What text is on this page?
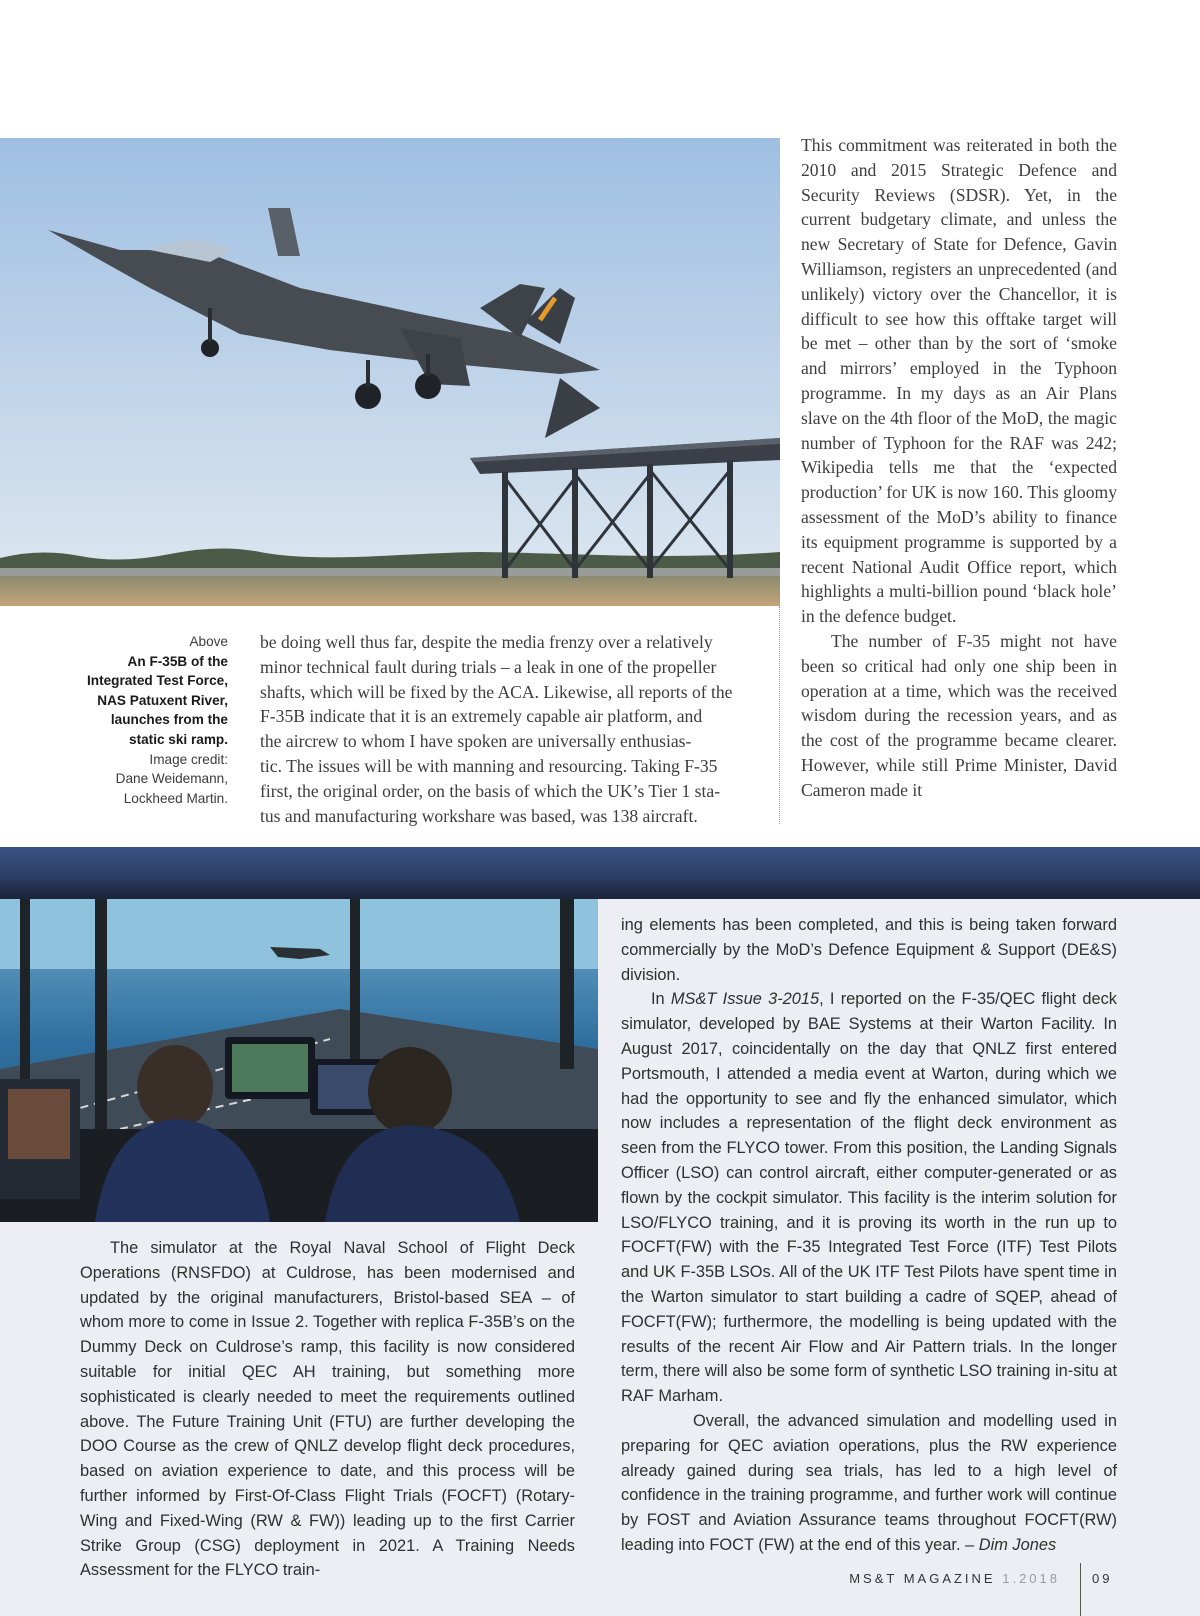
Above

An F-35B of the

Integrated Test Force,

NAS Patuxent River,

launches from the

static ski ramp.

Image credit:

Dane Weidemann,

Lockheed Martin.

be doing well thus far, despite the media frenzy over a relatively

minor technical fault during trials – a leak in one of the propeller

shafts, which will be fixed by the ACA. Likewise, all reports of the

F-35B indicate that it is an extremely capable air platform, and

the aircrew to whom I have spoken are universally enthusias-

tic. The issues will be with manning and resourcing. Taking F-35

first, the original order, on the basis of which the UK’s Tier 1 sta-

tus and manufacturing workshare was based, was 138 aircraft.

This commitment was reiterated in both the 2010 and 2015 Strategic Defence and Security Reviews (SDSR). Yet, in the current budgetary climate, and unless the new Secretary of State for Defence, Gavin Williamson, registers an unprecedented (and unlikely) victory over the Chancellor, it is difficult to see how this offtake target will be met – other than by the sort of ‘smoke and mirrors’ employed in the Typhoon programme. In my days as an Air Plans slave on the 4th floor of the MoD, the magic number of Typhoon for the RAF was 242; Wikipedia tells me that the ‘expected production’ for UK is now 160. This gloomy assessment of the MoD’s ability to finance its equipment programme is supported by a recent National Audit Office report, which highlights a multi-billion pound ‘black hole’ in the defence budget.

The number of F-35 might not have been so critical had only one ship been in operation at a time, which was the received wisdom during the recession years, and as the cost of the programme became clearer. However, while still Prime Minister, David Cameron made it

The simulator at the Royal Naval School of Flight Deck Operations (RNSFDO) at Culdrose, has been modernised and updated by the original manufacturers, Bristol-based SEA – of whom more to come in Issue 2. Together with replica F-35B’s on the Dummy Deck on Culdrose’s ramp, this facility is now considered suitable for initial QEC AH training, but something more sophisticated is clearly needed to meet the requirements outlined above. The Future Training Unit (FTU) are further developing the DOO Course as the crew of QNLZ develop flight deck procedures, based on aviation experience to date, and this process will be further informed by First-Of-Class Flight Trials (FOCFT) (Rotary-Wing and Fixed-Wing (RW & FW)) leading up to the first Carrier Strike Group (CSG) deployment in 2021. A Training Needs Assessment for the FLYCO train-

ing elements has been completed, and this is being taken forward commercially by the MoD’s Defence Equipment & Support (DE&S) division.

In MS&T Issue 3-2015, I reported on the F-35/QEC flight deck simulator, developed by BAE Systems at their Warton Facility. In August 2017, coincidentally on the day that QNLZ first entered Portsmouth, I attended a media event at Warton, during which we had the opportunity to see and fly the enhanced simulator, which now includes a representation of the flight deck environment as seen from the FLYCO tower. From this position, the Landing Signals Officer (LSO) can control aircraft, either computer-generated or as flown by the cockpit simulator. This facility is the interim solution for LSO/FLYCO training, and it is proving its worth in the run up to FOCFT(FW) with the F-35 Integrated Test Force (ITF) Test Pilots and UK F-35B LSOs. All of the UK ITF Test Pilots have spent time in the Warton simulator to start building a cadre of SQEP, ahead of FOCFT(FW); furthermore, the modelling is being updated with the results of the recent Air Flow and Air Pattern trials. In the longer term, there will also be some form of synthetic LSO training in-situ at RAF Marham.

Overall, the advanced simulation and modelling used in preparing for QEC aviation operations, plus the RW experience already gained during sea trials, has led to a high level of confidence in the training programme, and further work will continue by FOST and Aviation Assurance teams throughout FOCFT(RW) leading into FOCT (FW) at the end of this year. – Dim Jones

MS&T MAGAZINE 1.2018 09
